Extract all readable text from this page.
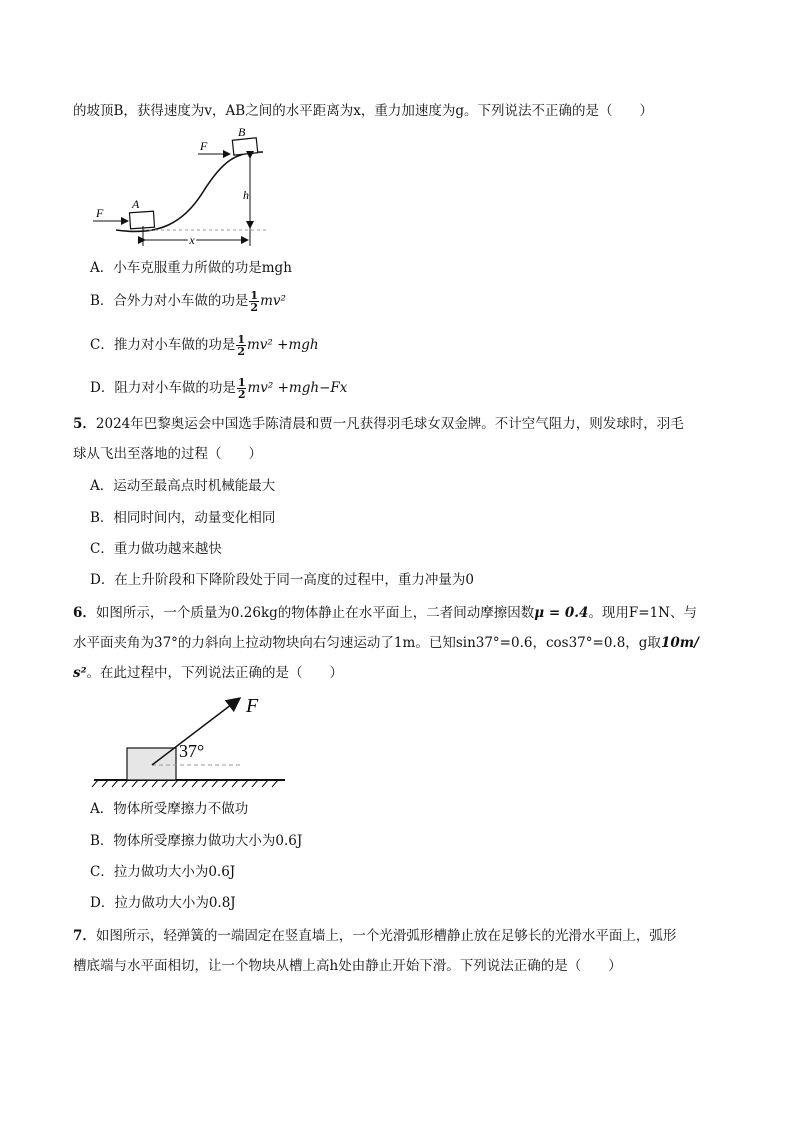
的坡顶B，获得速度为v，AB之间的水平距离为x，重力加速度为g。下列说法不正确的是（　　）
A
B
F
F
h
x
A．小车克服重力所做的功是mgh
B．合外力对小车做的功是 $\frac{1}{2} mv^2$
C．推力对小车做的功是 $\frac{1}{2} mv^2 +mgh$
D．阻力对小车做的功是 $\frac{1}{2} mv^2 +mgh-Fx$
5．2024年巴黎奥运会中国选手陈清晨和贾一凡获得羽毛球女双金牌。不计空气阻力，则发球时，羽毛
球从飞出至落地的过程（　　）
A．运动至最高点时机械能最大
B．相同时间内，动量变化相同
C．重力做功越来越快
D．在上升阶段和下降阶段处于同一高度的过程中，重力冲量为0
6．如图所示，一个质量为0.26kg的物体静止在水平面上，二者间动摩擦因数μ = 0.4。现用F=1N、与
水平面夹角为37°的力斜向上拉动物块向右匀速运动了1m。已知sin37°=0.6，cos37°=0.8，g取10m/
s²。在此过程中，下列说法正确的是（　　）
F
37°
A．物体所受摩擦力不做功
B．物体所受摩擦力做功大小为0.6J
C．拉力做功大小为0.6J
D．拉力做功大小为0.8J
7．如图所示，轻弹簧的一端固定在竖直墙上，一个光滑弧形槽静止放在足够长的光滑水平面上，弧形
槽底端与水平面相切，让一个物块从槽上高h处由静止开始下滑。下列说法正确的是（　　）
